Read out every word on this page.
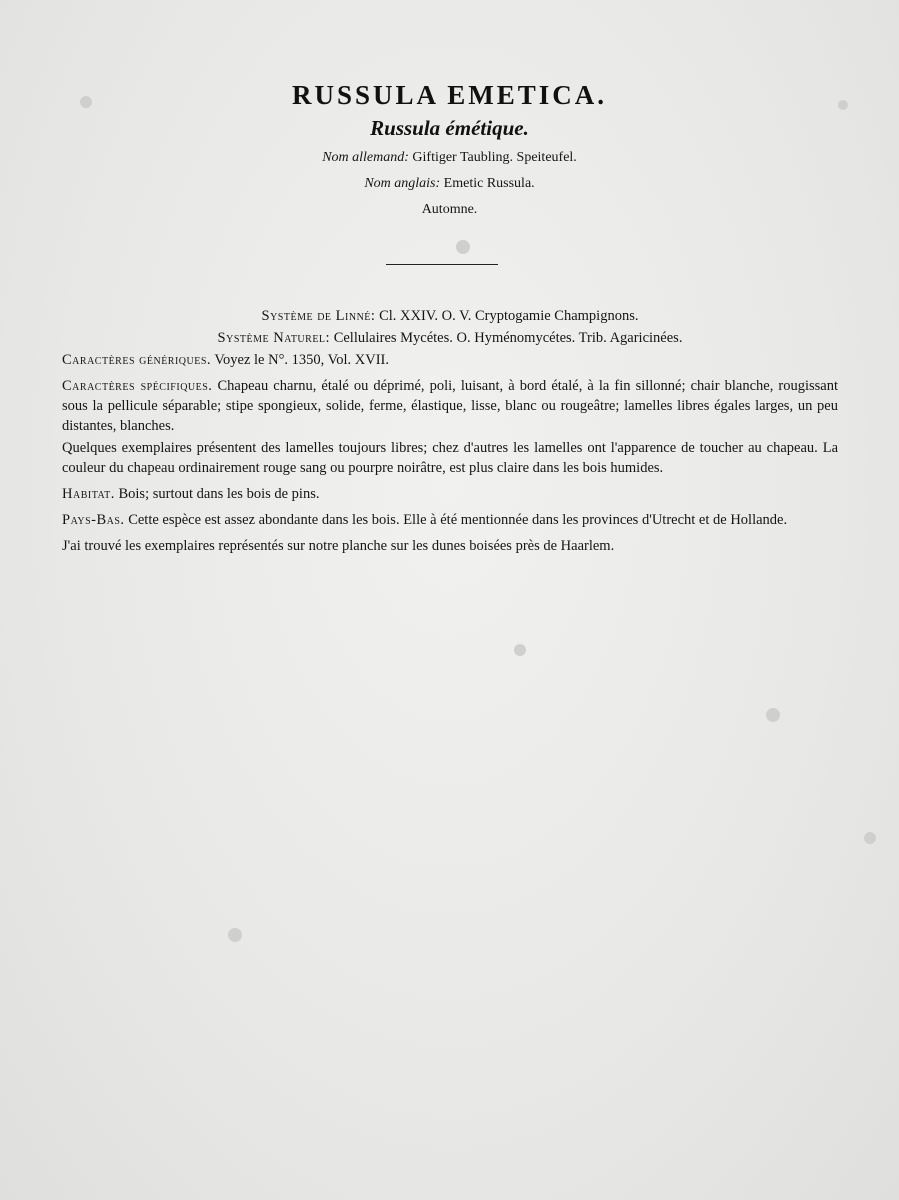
RUSSULA EMETICA.
Russula émétique.
Nom allemand: Giftiger Taubling. Speiteufel.
Nom anglais: Emetic Russula.
Automne.
Système de Linné: Cl. XXIV. O. V. Cryptogamie Champignons.
Système Naturel: Cellulaires Mycétes. O. Hyménomycétes. Trib. Agaricinées.
Caractères génériques. Voyez le N°. 1350, Vol. XVII.
Caractères spécifiques. Chapeau charnu, étalé ou déprimé, poli, luisant, à bord étalé, à la fin sillonné; chair blanche, rougissant sous la pellicule séparable; stipe spongieux, solide, ferme, élastique, lisse, blanc ou rougeâtre; lamelles libres égales larges, un peu distantes, blanches.
Quelques exemplaires présentent des lamelles toujours libres; chez d'autres les lamelles ont l'apparence de toucher au chapeau. La couleur du chapeau ordinairement rouge sang ou pourpre noirâtre, est plus claire dans les bois humides.
Habitat. Bois; surtout dans les bois de pins.
Pays-Bas. Cette espèce est assez abondante dans les bois. Elle à été mentionnée dans les provinces d'Utrecht et de Hollande.
J'ai trouvé les exemplaires représentés sur notre planche sur les dunes boisées près de Haarlem.
